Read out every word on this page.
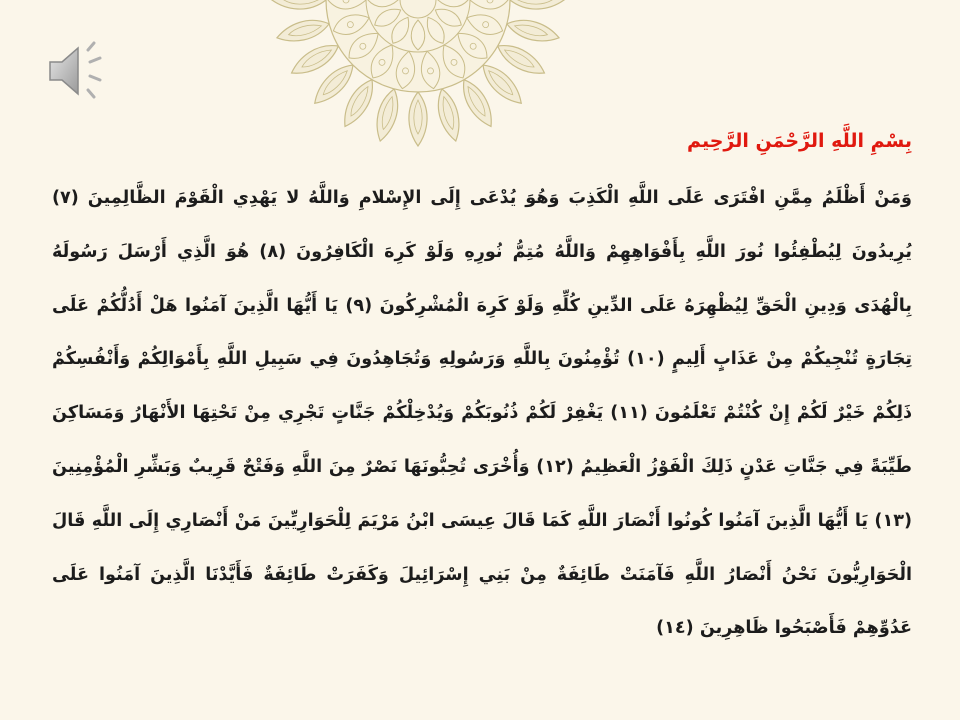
بِسْمِ اللَّهِ الرَّحْمَنِ الرَّحِيم

وَمَنْ أَظْلَمُ مِمَّنِ افْتَرَى عَلَى اللَّهِ الْكَذِبَ وَهُوَ يُدْعَى إِلَى الإِسْلامِ وَاللَّهُ لا يَهْدِي الْقَوْمَ الظَّالِمِينَ (٧) يُرِيدُونَ لِيُطْفِئُوا نُورَ اللَّهِ بِأَفْوَاهِهِمْ وَاللَّهُ مُتِمُّ نُورِهِ وَلَوْ كَرِهَ الْكَافِرُونَ (٨) هُوَ الَّذِي أَرْسَلَ رَسُولَهُ بِالْهُدَى وَدِينِ الْحَقِّ لِيُظْهِرَهُ عَلَى الدِّينِ كُلِّهِ وَلَوْ كَرِهَ الْمُشْرِكُونَ (٩) يَا أَيُّهَا الَّذِينَ آمَنُوا هَلْ أَدُلُّكُمْ عَلَى تِجَارَةٍ تُنْجِيكُمْ مِنْ عَذَابٍ أَلِيمٍ (١٠) تُؤْمِنُونَ بِاللَّهِ وَرَسُولِهِ وَتُجَاهِدُونَ فِي سَبِيلِ اللَّهِ بِأَمْوَالِكُمْ وَأَنْفُسِكُمْ ذَلِكُمْ خَيْرٌ لَكُمْ إِنْ كُنْتُمْ تَعْلَمُونَ (١١) يَغْفِرْ لَكُمْ ذُنُوبَكُمْ وَيُدْخِلْكُمْ جَنَّاتٍ تَجْرِي مِنْ تَحْتِهَا الأَنْهَارُ وَمَسَاكِنَ طَيِّبَةً فِي جَنَّاتِ عَدْنٍ ذَلِكَ الْفَوْزُ الْعَظِيمُ (١٢) وَأُخْرَى تُحِبُّونَهَا نَصْرٌ مِنَ اللَّهِ وَفَتْحٌ قَرِيبٌ وَبَشِّرِ الْمُؤْمِنِينَ (١٣) يَا أَيُّهَا الَّذِينَ آمَنُوا كُونُوا أَنْصَارَ اللَّهِ كَمَا قَالَ عِيسَى ابْنُ مَرْيَمَ لِلْحَوَارِيِّينَ مَنْ أَنْصَارِي إِلَى اللَّهِ قَالَ الْحَوَارِيُّونَ نَحْنُ أَنْصَارُ اللَّهِ فَآمَنَتْ طَائِفَةٌ مِنْ بَنِي إِسْرَائِيلَ وَكَفَرَتْ طَائِفَةٌ فَأَيَّدْنَا الَّذِينَ آمَنُوا عَلَى عَدُوِّهِمْ فَأَصْبَحُوا ظَاهِرِينَ (١٤)
